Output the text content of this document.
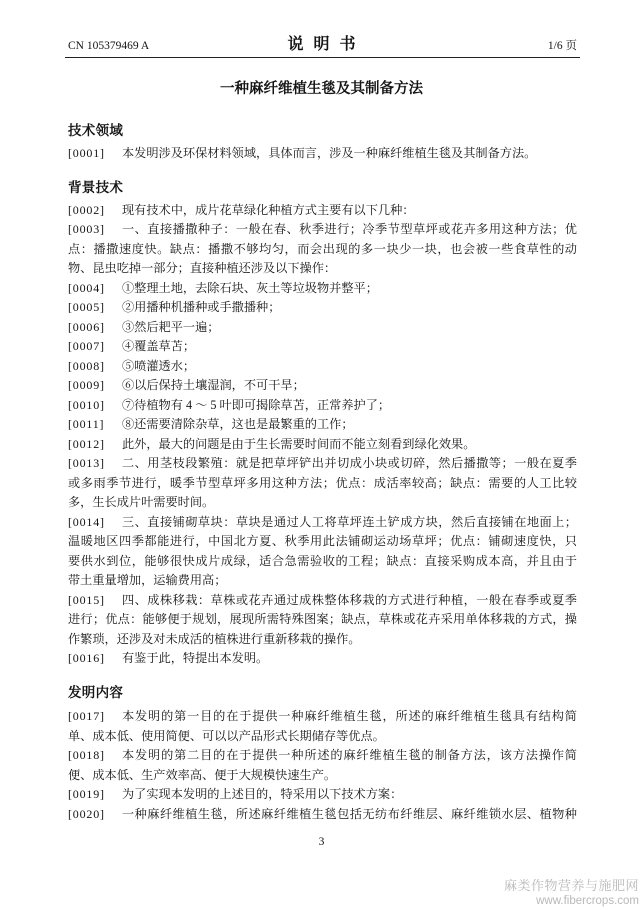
CN 105379469 A	说 明 书	1/6 页
一种麻纤维植生毯及其制备方法
技术领域
[0001] 本发明涉及环保材料领域，具体而言，涉及一种麻纤维植生毯及其制备方法。
背景技术
[0002] 现有技术中，成片花草绿化种植方式主要有以下几种：
[0003] 一、直接播撒种子：一般在春、秋季进行；冷季节型草坪或花卉多用这种方法；优
点：播撒速度快。缺点：播撒不够均匀，而会出现的多一块少一块，也会被一些食草性的动
物、昆虫吃掉一部分；直接种植还涉及以下操作：
[0004] ①整理土地，去除石块、灰土等垃圾物并整平；
[0005] ②用播种机播种或手撒播种；
[0006] ③然后耙平一遍；
[0007] ④覆盖草苫；
[0008] ⑤喷灌透水；
[0009] ⑥以后保持土壤湿润，不可干旱；
[0010] ⑦待植物有 4 ～ 5 叶即可揭除草苫，正常养护了；
[0011] ⑧还需要清除杂草，这也是最繁重的工作；
[0012] 此外，最大的问题是由于生长需要时间而不能立刻看到绿化效果。
[0013] 二、用茎枝段繁殖：就是把草坪铲出并切成小块或切碎，然后播撒等；一般在夏季
或多雨季节进行，暖季节型草坪多用这种方法；优点：成活率较高；缺点：需要的人工比较
多，生长成片叶需要时间。
[0014] 三、直接铺砌草块：草块是通过人工将草坪连土铲成方块，然后直接铺在地面上；
温暖地区四季都能进行，中国北方夏、秋季用此法铺砌运动场草坪；优点：铺砌速度快，只
要供水到位，能够很快成片成绿，适合急需验收的工程；缺点：直接采购成本高，并且由于
带土重量增加，运输费用高；
[0015] 四、成株移栽：草株或花卉通过成株整体移栽的方式进行种植，一般在春季或夏季
进行；优点：能够便于规划，展现所需特殊图案；缺点，草株或花卉采用单体移栽的方式，操
作繁琐，还涉及对未成活的植株进行重新移栽的操作。
[0016] 有鉴于此，特提出本发明。
发明内容
[0017] 本发明的第一目的在于提供一种麻纤维植生毯，所述的麻纤维植生毯具有结构简
单、成本低、使用简便、可以以产品形式长期储存等优点。
[0018] 本发明的第二目的在于提供一种所述的麻纤维植生毯的制备方法，该方法操作简
便、成本低、生产效率高、便于大规模快速生产。
[0019] 为了实现本发明的上述目的，特采用以下技术方案：
[0020] 一种麻纤维植生毯，所述麻纤维植生毯包括无纺布纤维层、麻纤维锁水层、植物种
3
麻类作物营养与施肥网
www.fibercrops.com
